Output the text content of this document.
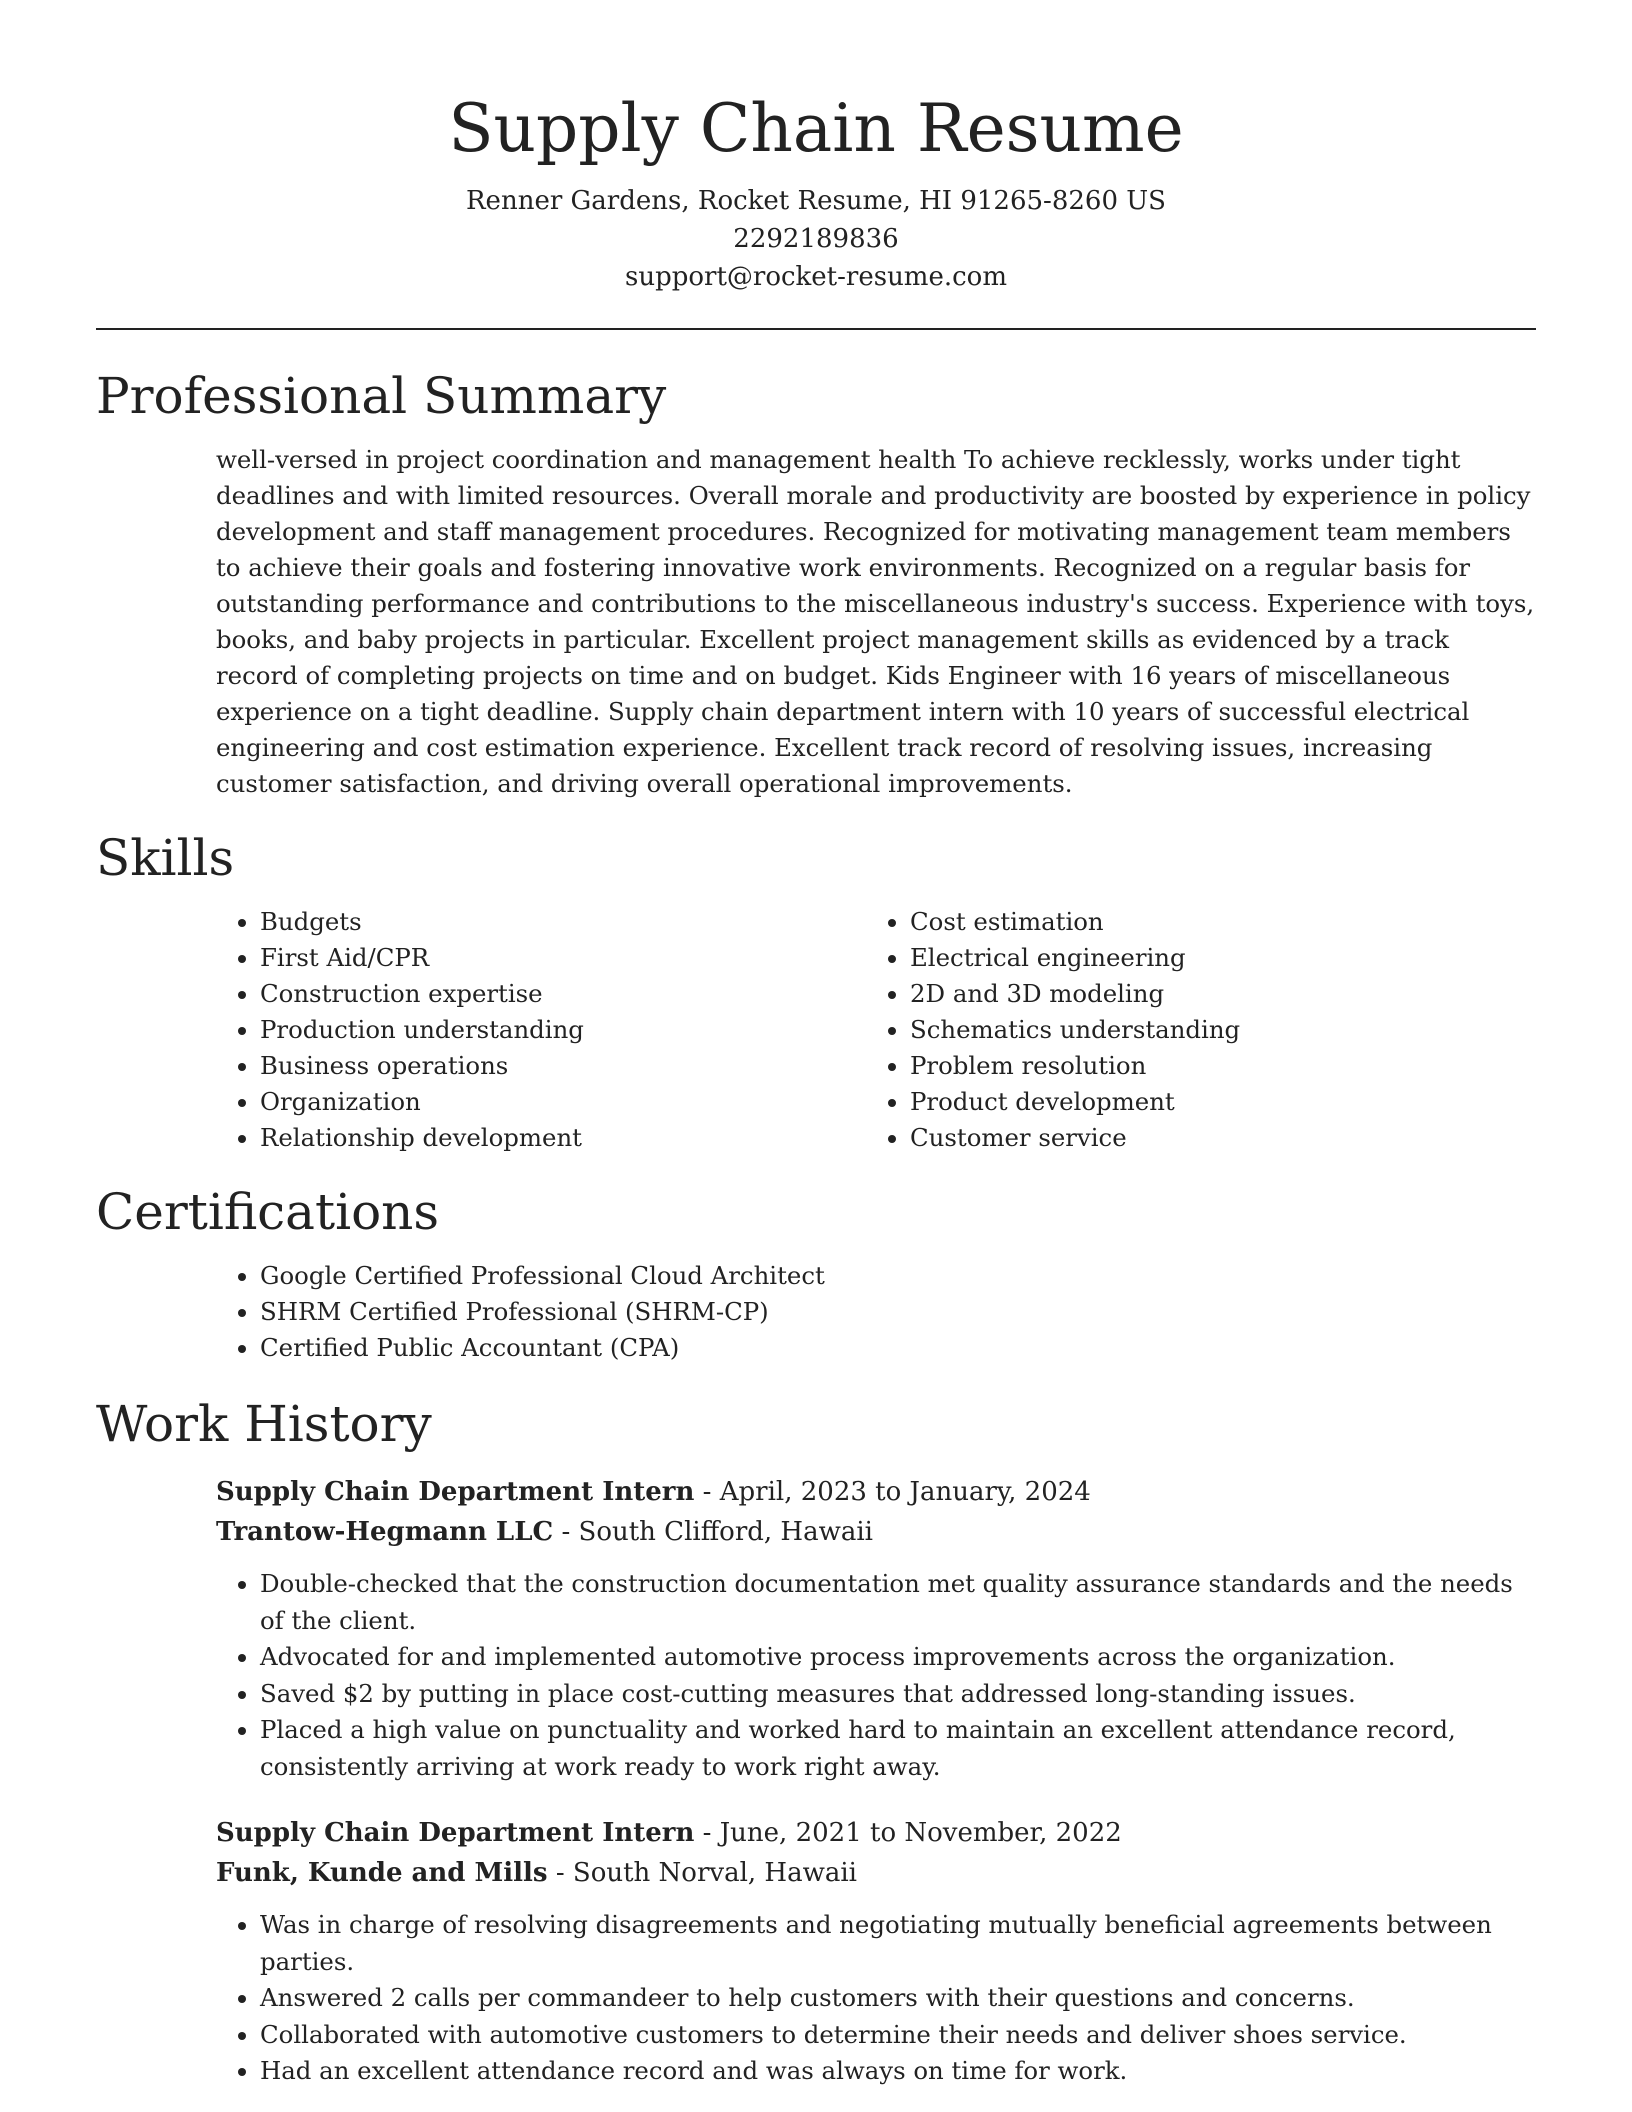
Supply Chain Resume
Renner Gardens, Rocket Resume, HI 91265-8260 US
2292189836
support@rocket-resume.com
Professional Summary
well-versed in project coordination and management health To achieve recklessly, works under tight deadlines and with limited resources. Overall morale and productivity are boosted by experience in policy development and staff management procedures. Recognized for motivating management team members to achieve their goals and fostering innovative work environments. Recognized on a regular basis for outstanding performance and contributions to the miscellaneous industry's success. Experience with toys, books, and baby projects in particular. Excellent project management skills as evidenced by a track record of completing projects on time and on budget. Kids Engineer with 16 years of miscellaneous experience on a tight deadline. Supply chain department intern with 10 years of successful electrical engineering and cost estimation experience. Excellent track record of resolving issues, increasing customer satisfaction, and driving overall operational improvements.
Skills
• Budgets
• First Aid/CPR
• Construction expertise
• Production understanding
• Business operations
• Organization
• Relationship development
• Cost estimation
• Electrical engineering
• 2D and 3D modeling
• Schematics understanding
• Problem resolution
• Product development
• Customer service
Certifications
• Google Certified Professional Cloud Architect
• SHRM Certified Professional (SHRM-CP)
• Certified Public Accountant (CPA)
Work History
Supply Chain Department Intern - April, 2023 to January, 2024
Trantow-Hegmann LLC - South Clifford, Hawaii
• Double-checked that the construction documentation met quality assurance standards and the needs of the client.
• Advocated for and implemented automotive process improvements across the organization.
• Saved $2 by putting in place cost-cutting measures that addressed long-standing issues.
• Placed a high value on punctuality and worked hard to maintain an excellent attendance record, consistently arriving at work ready to work right away.
Supply Chain Department Intern - June, 2021 to November, 2022
Funk, Kunde and Mills - South Norval, Hawaii
• Was in charge of resolving disagreements and negotiating mutually beneficial agreements between parties.
• Answered 2 calls per commandeer to help customers with their questions and concerns.
• Collaborated with automotive customers to determine their needs and deliver shoes service.
• Had an excellent attendance record and was always on time for work.
